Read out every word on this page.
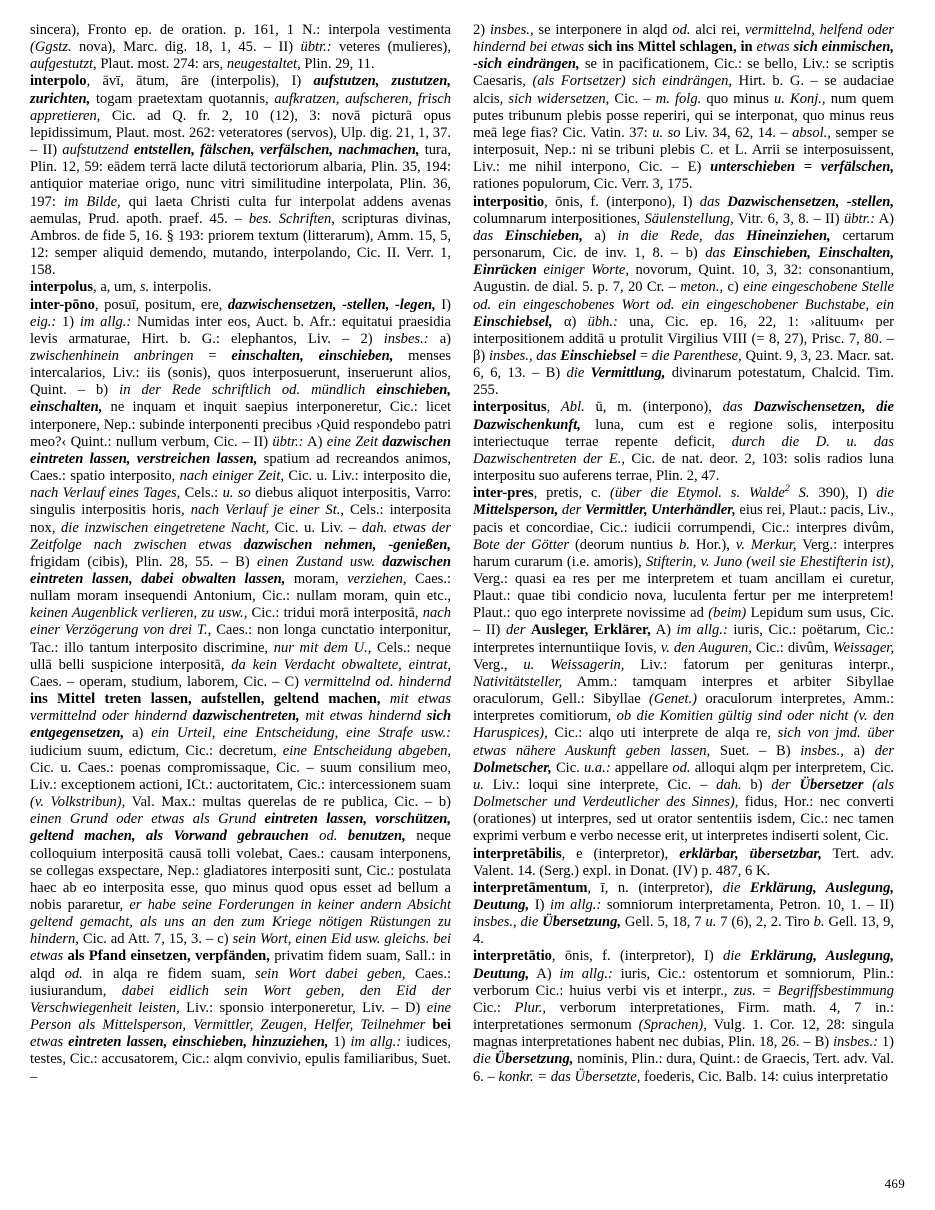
sincera), Fronto ep. de oration. p. 161, 1 N.: interpola vestimenta (Ggstz. nova), Marc. dig. 18, 1, 45. – II) übtr.: veteres (mulieres), aufgestutzt, Plaut. most. 274: ars, neugestaltet, Plin. 29, 11.

interpolo, āvī, ātum, āre (interpolis), I) aufstutzen, zustutzen, zurichten, togam praetextam quotannis, aufkratzen, aufscheren, frisch appretieren, Cic. ad Q. fr. 2, 10 (12), 3: novā picturā opus lepidissimum, Plaut. most. 262: veteratores (servos), Ulp. dig. 21, 1, 37. – II) aufstutzend entstellen, fälschen, verfälschen, nachmachen, tura, Plin. 12, 59: eādem terrā lacte dilutā tectoriorum albaria, Plin. 35, 194: antiquior materiae origo, nunc vitri similitudine interpolata, Plin. 36, 197: im Bilde, qui laeta Christi culta fur interpolat addens avenas aemulas, Prud. apoth. praef. 45. – bes. Schriften, scripturas divinas, Ambros. de fide 5, 16. § 193: priorem textum (litterarum), Amm. 15, 5, 12: semper aliquid demendo, mutando, interpolando, Cic. II. Verr. 1, 158.

interpolus, a, um, s. interpolis.

inter-pōno, posuī, positum, ere, dazwischensetzen, -stellen, -legen, I) eig.: 1) im allg.: Numidas inter eos, Auct. b. Afr.: equitatui praesidia levis armaturae, Hirt. b. G.: elephantos, Liv. – 2) insbes.: a) zwischenhinein anbringen = einschalten, einschieben, menses intercalarios, Liv.: iis (sonis), quos interposuerunt, inseruerunt alios, Quint. – b) in der Rede schriftlich od. mündlich einschieben, einschalten, ne inquam et inquit saepius interponeretur, Cic.: licet interponere, Nep.: subinde interponenti precibus ›Quid respondebo patri meo?‹ Quint.: nullum verbum, Cic. – II) übtr.: A) eine Zeit dazwischen eintreten lassen, verstreichen lassen, spatium ad recreandos animos, Caes.: spatio interposito, nach einiger Zeit, Cic. u. Liv.: interposito die, nach Verlauf eines Tages, Cels.: u. so diebus aliquot interpositis, Varro: singulis interpositis horis, nach Verlauf je einer St., Cels.: interposita nox, die inzwischen eingetretene Nacht, Cic. u. Liv. – dah. etwas der Zeitfolge nach zwischen etwas dazwischen nehmen, -genießen, frigidam (cibis), Plin. 28, 55. – B) einen Zustand usw. dazwischen eintreten lassen, dabei obwalten lassen, moram, verziehen, Caes.: nullam moram insequendi Antonium, Cic.: nullam moram, quin etc., keinen Augenblick verlieren, zu usw., Cic.: tridui morā interpositā, nach einer Verzögerung von drei T., Caes.: non longa cunctatio interponitur, Tac.: illo tantum interposito discrimine, nur mit dem U., Cels.: neque ullā belli suspicione interpositā, da kein Verdacht obwaltete, eintrat, Caes. – operam, studium, laborem, Cic. – C) vermittelnd od. hindernd ins Mittel treten lassen, aufstellen, geltend machen, mit etwas vermittelnd oder hindernd dazwischentreten, mit etwas hindernd sich entgegensetzen, a) ein Urteil, eine Entscheidung, eine Strafe usw.: iudicium suum, edictum, Cic.: decretum, eine Entscheidung abgeben, Cic. u. Caes.: poenas compromissaque, Cic. – suum consilium meo, Liv.: exceptionem actioni, ICt.: auctoritatem, Cic.: intercessionem suam (v. Volkstribun), Val. Max.: multas querelas de re publica, Cic. – b) einen Grund oder etwas als Grund eintreten lassen, vorschützen, geltend machen, als Vorwand gebrauchen od. benutzen, neque colloquium interpositā causā tolli volebat, Caes.: causam interponens, se collegas exspectare, Nep.: gladiatores interpositi sunt, Cic.: postulata haec ab eo interposita esse, quo minus quod opus esset ad bellum a nobis pararetur, er habe seine Forderungen in keiner andern Absicht geltend gemacht, als uns an den zum Kriege nötigen Rüstungen zu hindern, Cic. ad Att. 7, 15, 3. – c) sein Wort, einen Eid usw. gleichs. bei etwas als Pfand einsetzen, verpfänden, privatim fidem suam, Sall.: in alqd od. in alqa re fidem suam, sein Wort dabei geben, Caes.: iusiurandum, dabei eidlich sein Wort geben, den Eid der Verschwiegenheit leisten, Liv.: sponsio interponeretur, Liv. – D) eine Person als Mittelsperson, Vermittler, Zeugen, Helfer, Teilnehmer bei etwas eintreten lassen, einschieben, hinzuziehen, 1) im allg.: iudices, testes, Cic.: accusatorem, Cic.: alqm convivio, epulis familiaribus, Suet. –

2) insbes., se interponere in alqd od. alci rei, vermittelnd, helfend oder hindernd bei etwas sich ins Mittel schlagen, in etwas sich einmischen, -sich eindrängen, se in pacificationem, Cic.: se bello, Liv.: se scriptis Caesaris, (als Fortsetzer) sich eindrängen, Hirt. b. G. – se audaciae alcis, sich widersetzen, Cic. – m. folg. quo minus u. Konj., num quem putes tribunum plebis posse reperiri, qui se interponat, quo minus reus meā lege fias? Cic. Vatin. 37: u. so Liv. 34, 62, 14. – absol., semper se interposuit, Nep.: ni se tribuni plebis C. et L. Arrii se interposuissent, Liv.: me nihil interpono, Cic. – E) unterschieben = verfälschen, rationes populorum, Cic. Verr. 3, 175.

interpositio, ōnis, f. (interpono), I) das Dazwischensetzen, -stellen, columnarum interpositiones, Säulenstellung, Vitr. 6, 3, 8. – II) übtr.: A) das Einschieben, a) in die Rede, das Hineinziehen, certarum personarum, Cic. de inv. 1, 8. – b) das Einschieben, Einschalten, Einrücken einiger Worte, novorum, Quint. 10, 3, 32: consonantium, Augustin. de dial. 5. p. 7, 20 Cr. – meton., c) eine eingeschobene Stelle od. ein eingeschobenes Wort od. ein eingeschobener Buchstabe, ein Einschiebsel, α) übh.: una, Cic. ep. 16, 22, 1: ›alituum‹ per interpositionem additā u protulit Virgilius VIII (= 8, 27), Prisc. 7, 80. – β) insbes., das Einschiebsel = die Parenthese, Quint. 9, 3, 23. Macr. sat. 6, 6, 13. – B) die Vermittlung, divinarum potestatum, Chalcid. Tim. 255.

interpositus, Abl. ū, m. (interpono), das Dazwischensetzen, die Dazwischenkunft, luna, cum est e regione solis, interpositu interiectuque terrae repente deficit, durch die D. u. das Dazwischentreten der E., Cic. de nat. deor. 2, 103: solis radios luna interpositu suo auferens terrae, Plin. 2, 47.

inter-pres, pretis, c. (über die Etymol. s. Walde$^2$ S. 390), I) die Mittelsperson, der Vermittler, Unterhändler, eius rei, Plaut.: pacis, Liv., pacis et concordiae, Cic.: iudicii corrumpendi, Cic.: interpres divûm, Bote der Götter (deorum nuntius b. Hor.), v. Merkur, Verg.: interpres harum curarum (i.e. amoris), Stifterin, v. Juno (weil sie Ehestifterin ist), Verg.: quasi ea res per me interpretem et tuam ancillam ei curetur, Plaut.: quae tibi condicio nova, luculenta fertur per me interpretem! Plaut.: quo ego interprete novissime ad (beim) Lepidum sum usus, Cic. – II) der Ausleger, Erklärer, A) im allg.: iuris, Cic.: poëtarum, Cic.: interpretes internuntiique Iovis, v. den Auguren, Cic.: divûm, Weissager, Verg., u. Weissagerin, Liv.: fatorum per genituras interpr., Nativitätsteller, Amm.: tamquam interpres et arbiter Sibyllae oraculorum, Gell.: Sibyllae (Genet.) oraculorum interpretes, Amm.: interpretes comitiorum, ob die Komitien gültig sind oder nicht (v. den Haruspices), Cic.: alqo uti interprete de alqa re, sich von jmd. über etwas nähere Auskunft geben lassen, Suet. – B) insbes., a) der Dolmetscher, Cic. u.a.: appellare od. alloqui alqm per interpretem, Cic. u. Liv.: loqui sine interprete, Cic. – dah. b) der Übersetzer (als Dolmetscher und Verdeutlicher des Sinnes), fidus, Hor.: nec converti (orationes) ut interpres, sed ut orator sententiis isdem, Cic.: nec tamen exprimi verbum e verbo necesse erit, ut interpretes indiserti solent, Cic.

interpretābilis, e (interpretor), erklärbar, übersetzbar, Tert. adv. Valent. 14. (Serg.) expl. in Donat. (IV) p. 487, 6 K.

interpretāmentum, ī, n. (interpretor), die Erklärung, Auslegung, Deutung, I) im allg.: somniorum interpretamenta, Petron. 10, 1. – II) insbes., die Übersetzung, Gell. 5, 18, 7 u. 7 (6), 2, 2. Tiro b. Gell. 13, 9, 4.

interpretātio, ōnis, f. (interpretor), I) die Erklärung, Auslegung, Deutung, A) im allg.: iuris, Cic.: ostentorum et somniorum, Plin.: verborum Cic.: huius verbi vis et interpr., zus. = Begriffsbestimmung Cic.: Plur., verborum interpretationes, Firm. math. 4, 7 in.: interpretationes sermonum (Sprachen), Vulg. 1. Cor. 12, 28: singula magnas interpretationes habent nec dubias, Plin. 18, 26. – B) insbes.: 1) die Übersetzung, nominis, Plin.: dura, Quint.: de Graecis, Tert. adv. Val. 6. – konkr. = das Übersetzte, foederis, Cic. Balb. 14: cuius interpretatio

469
